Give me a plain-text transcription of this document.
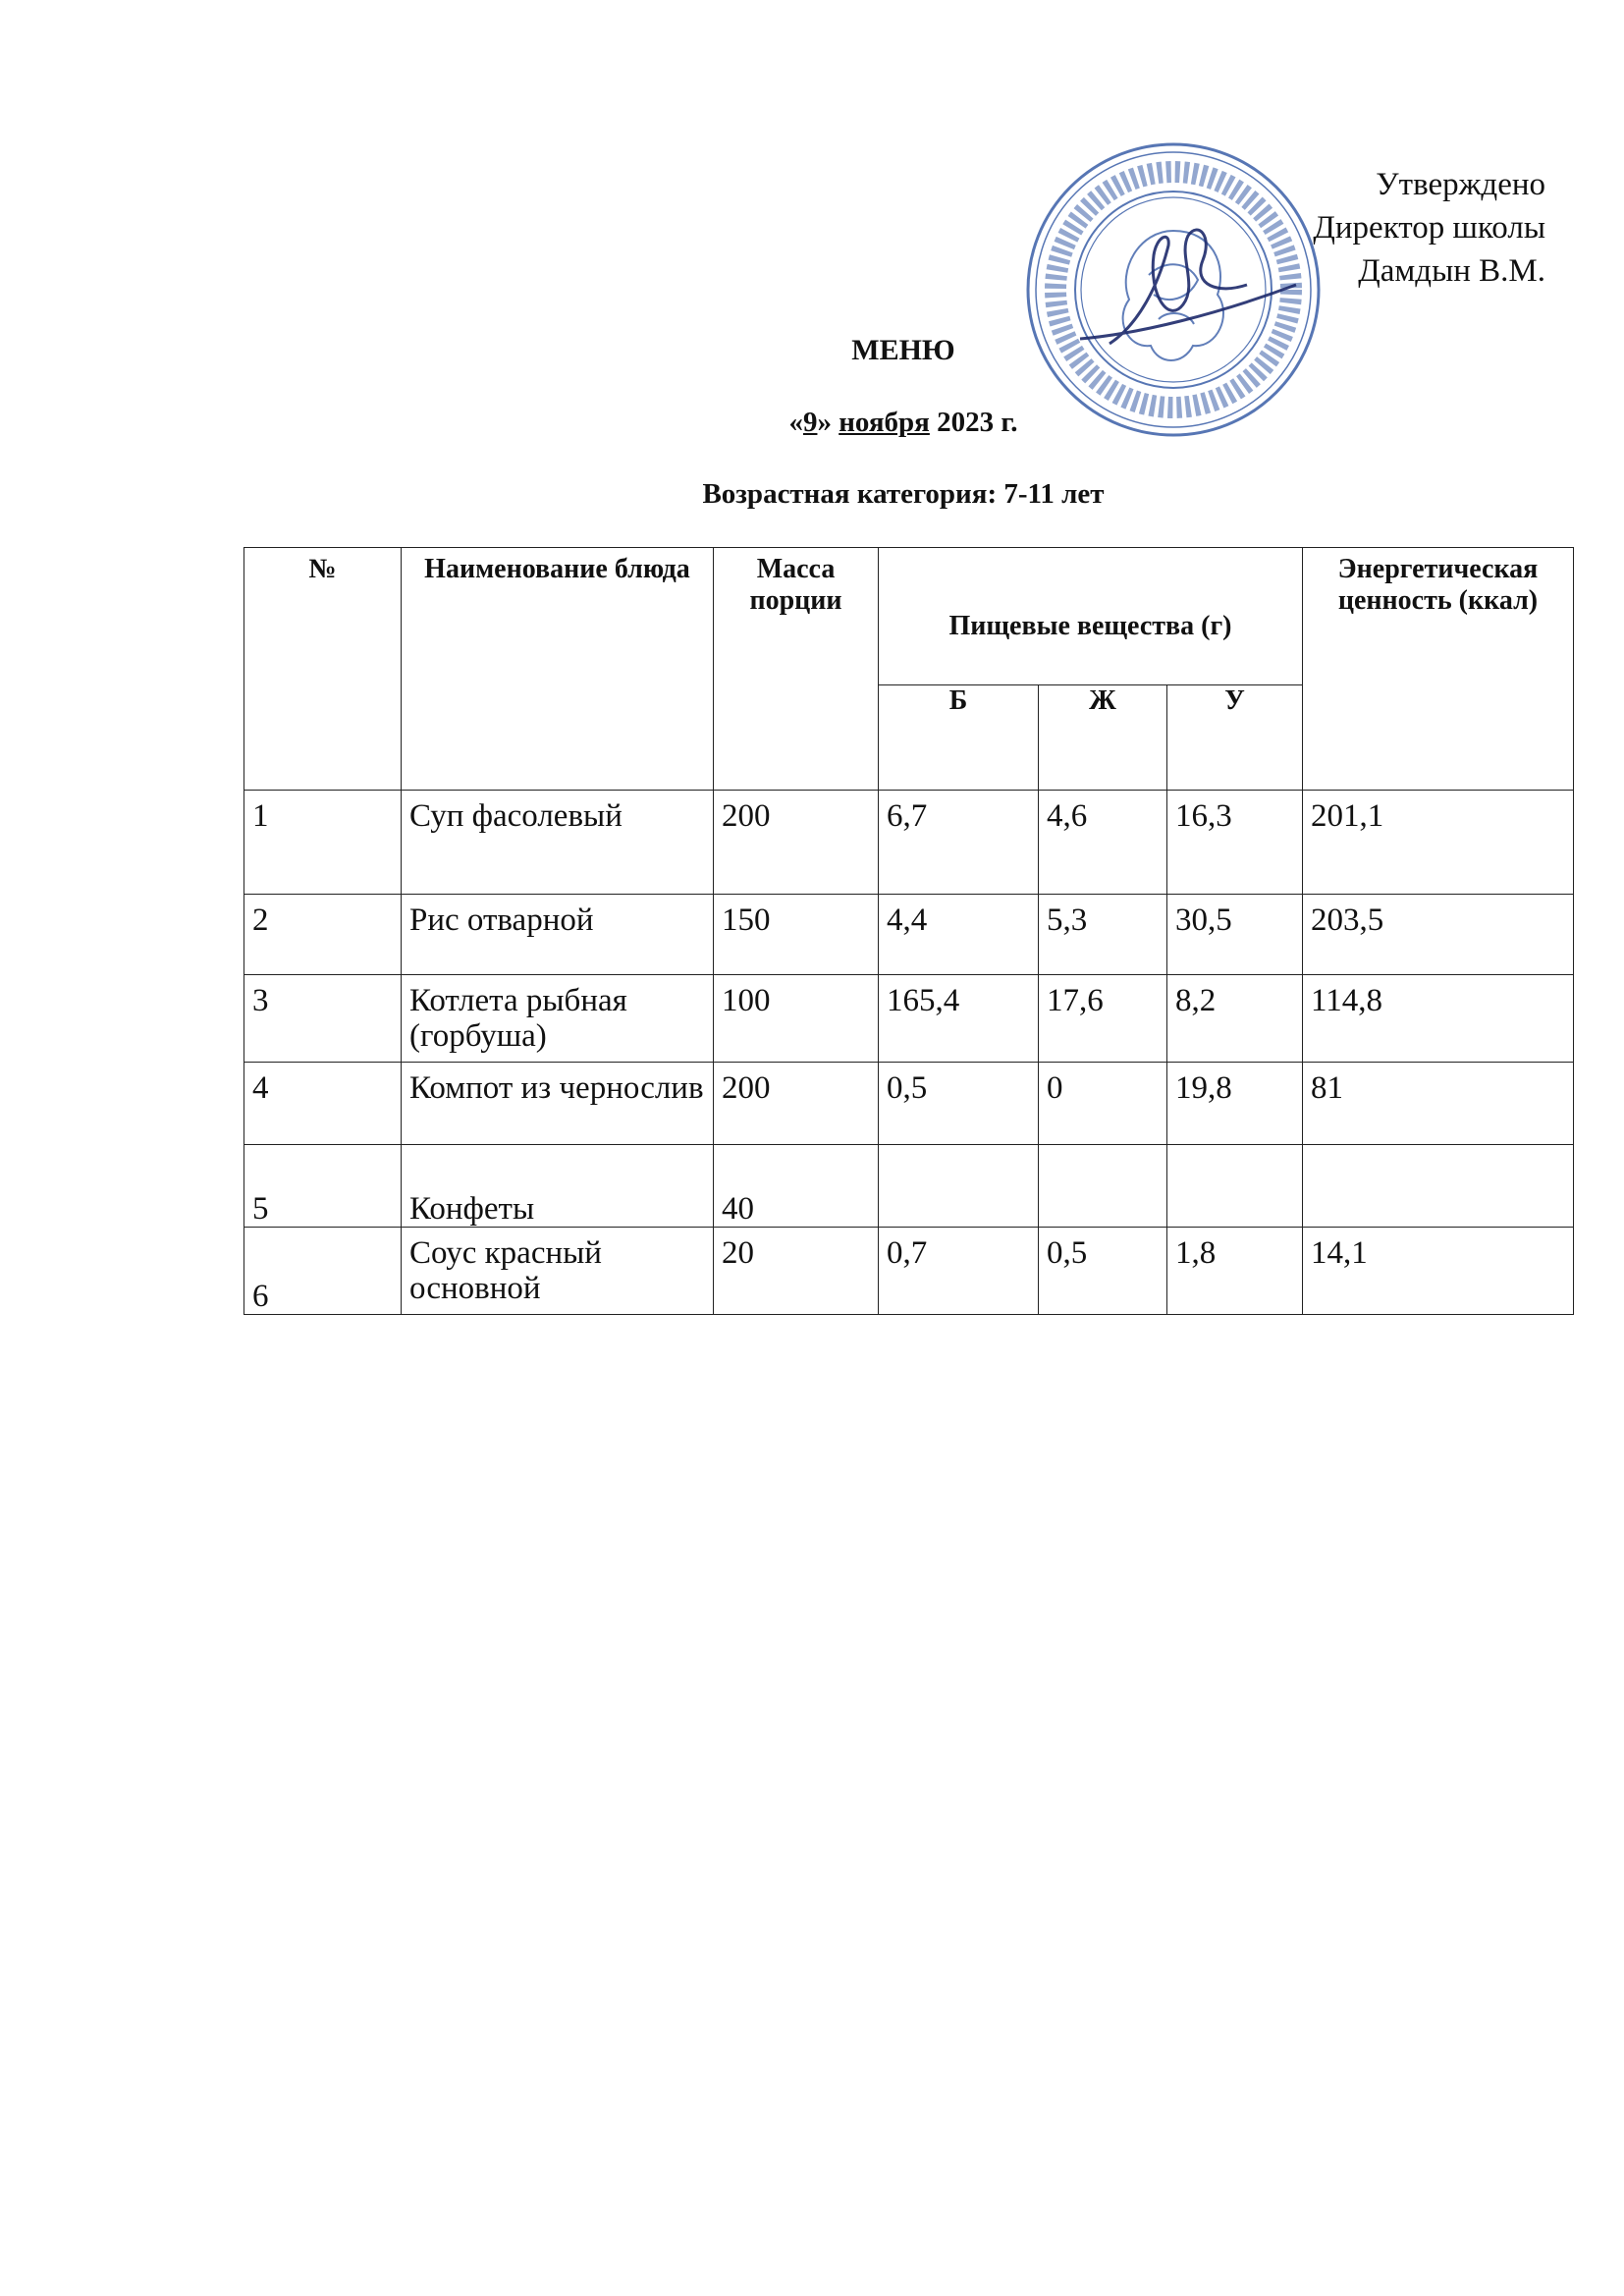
Утверждено
Директор школы
Дамдын В.М.
МЕНЮ
«9» ноября 2023 г.
Возрастная категория: 7-11 лет
№	Наименование блюда	Масса порции	Пищевые вещества (г)			Энергетическая ценность (ккал)
			Б	Ж	У	
1	Суп фасолевый	200	6,7	4,6	16,3	201,1
2	Рис отварной	150	4,4	5,3	30,5	203,5
3	Котлета рыбная (горбуша)	100	165,4	17,6	8,2	114,8
4	Компот из чернослив	200	0,5	0	19,8	81
5	Конфеты	40				
6	Соус красный основной	20	0,7	0,5	1,8	14,1
